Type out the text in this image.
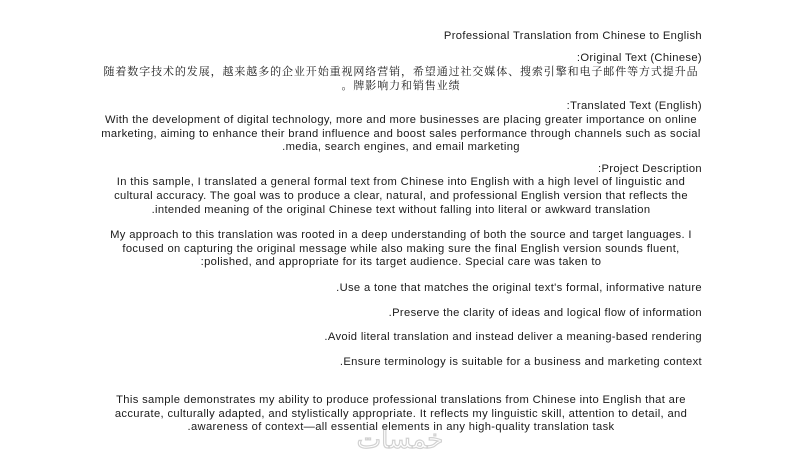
Professional Translation from Chinese to English

Original Text (Chinese):

随着数字技术的发展，越来越多的企业开始重视网络营销，希望通过社交媒体、搜索引擎和电子邮件等方式提升品牌影响力和销售业绩。

Translated Text (English):

With the development of digital technology, more and more businesses are placing greater importance on online marketing, aiming to enhance their brand influence and boost sales performance through channels such as social media, search engines, and email marketing.

Project Description:

In this sample, I translated a general formal text from Chinese into English with a high level of linguistic and cultural accuracy. The goal was to produce a clear, natural, and professional English version that reflects the intended meaning of the original Chinese text without falling into literal or awkward translation.

My approach to this translation was rooted in a deep understanding of both the source and target languages. I focused on capturing the original message while also making sure the final English version sounds fluent, polished, and appropriate for its target audience. Special care was taken to:

Use a tone that matches the original text's formal, informative nature.

Preserve the clarity of ideas and logical flow of information.

Avoid literal translation and instead deliver a meaning-based rendering.

Ensure terminology is suitable for a business and marketing context.

This sample demonstrates my ability to produce professional translations from Chinese into English that are accurate, culturally adapted, and stylistically appropriate. It reflects my linguistic skill, attention to detail, and awareness of context—all essential elements in any high-quality translation task.

خمسات
